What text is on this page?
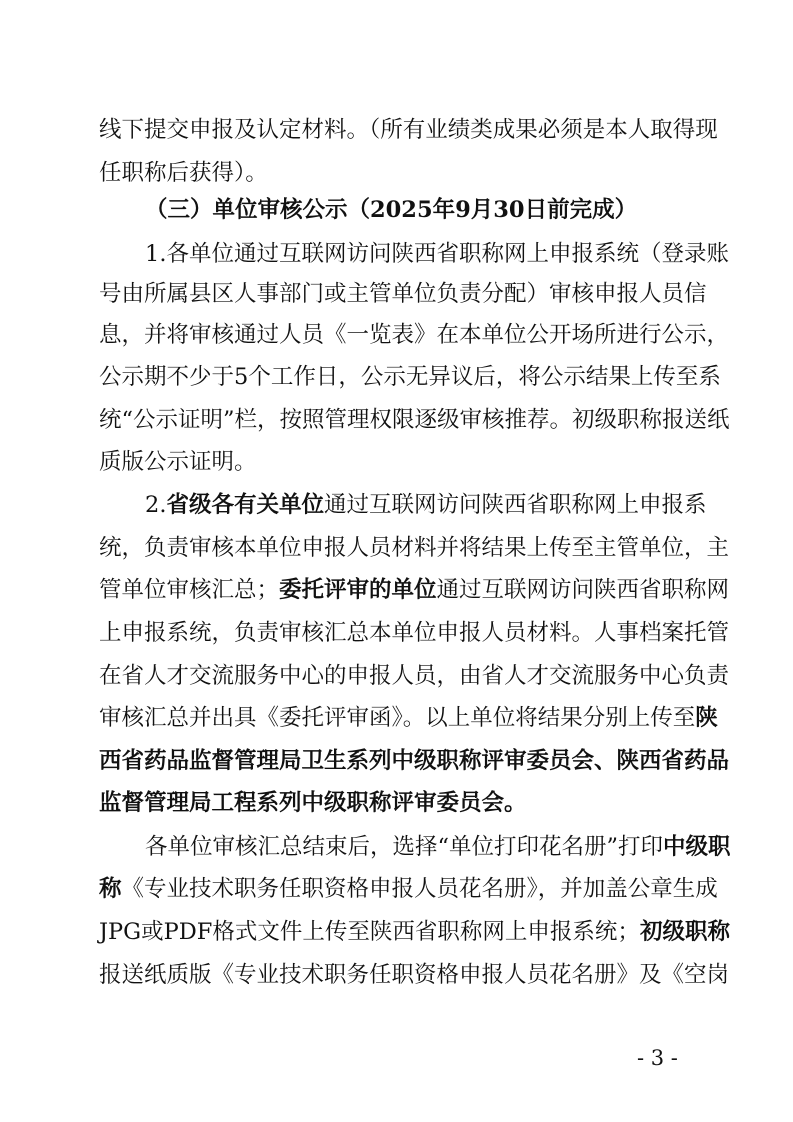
线下提交申报及认定材料。（所有业绩类成果必须是本人取得现
任职称后获得）。
（三）单位审核公示（2025年9月30日前完成）
1.各单位通过互联网访问陕西省职称网上申报系统（登录账
号由所属县区人事部门或主管单位负责分配）审核申报人员信
息，并将审核通过人员《一览表》在本单位公开场所进行公示，
公示期不少于5个工作日，公示无异议后，将公示结果上传至系
统“公示证明”栏，按照管理权限逐级审核推荐。初级职称报送纸
质版公示证明。
2.省级各有关单位通过互联网访问陕西省职称网上申报系
统，负责审核本单位申报人员材料并将结果上传至主管单位，主
管单位审核汇总；委托评审的单位通过互联网访问陕西省职称网
上申报系统，负责审核汇总本单位申报人员材料。人事档案托管
在省人才交流服务中心的申报人员，由省人才交流服务中心负责
审核汇总并出具《委托评审函》。以上单位将结果分别上传至陕
西省药品监督管理局卫生系列中级职称评审委员会、陕西省药品
监督管理局工程系列中级职称评审委员会。
各单位审核汇总结束后，选择“单位打印花名册”打印中级职
称《专业技术职务任职资格申报人员花名册》，并加盖公章生成
JPG或PDF格式文件上传至陕西省职称网上申报系统；初级职称
报送纸质版《专业技术职务任职资格申报人员花名册》及《空岗
- 3 -
